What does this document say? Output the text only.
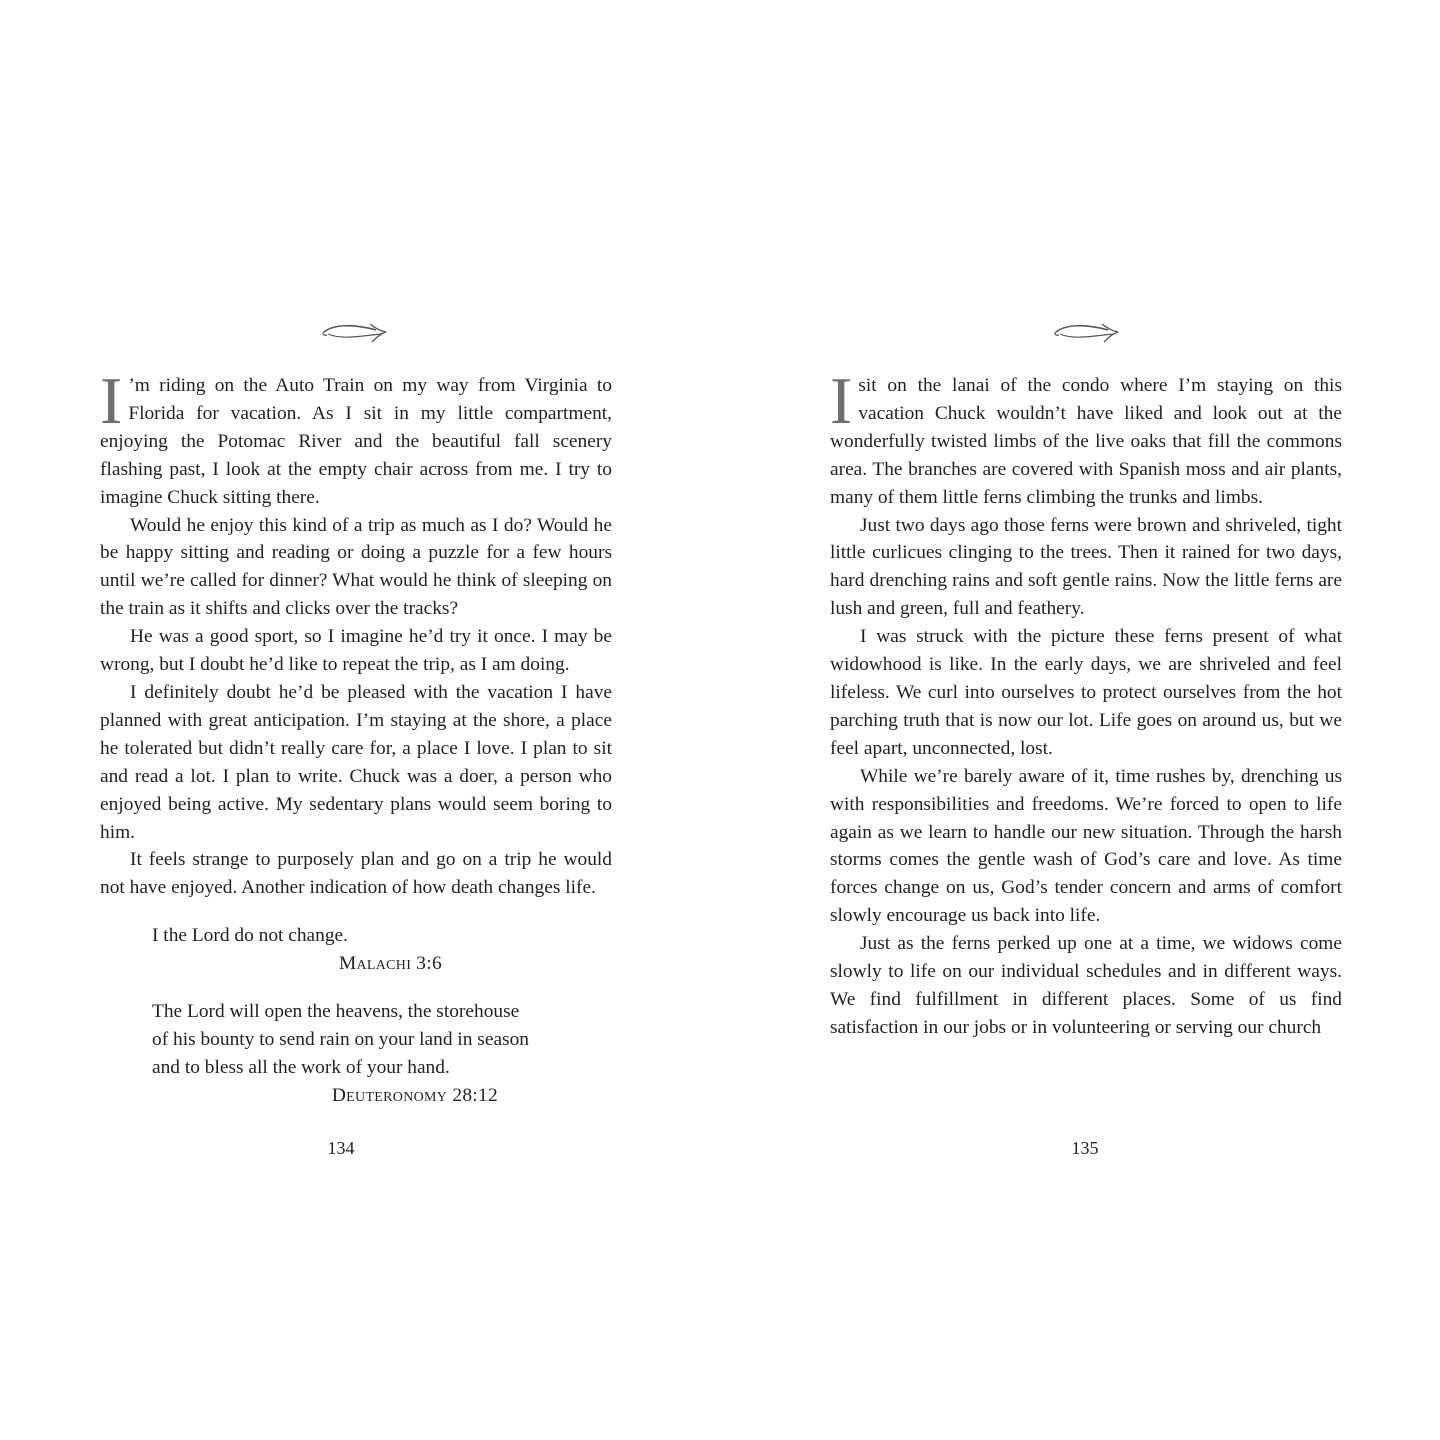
I ’m riding on the Auto Train on my way from Virginia to Florida for vacation. As I sit in my little compartment, enjoying the Potomac River and the beautiful fall scenery flashing past, I look at the empty chair across from me. I try to imagine Chuck sitting there.

Would he enjoy this kind of a trip as much as I do? Would he be happy sitting and reading or doing a puzzle for a few hours until we’re called for dinner? What would he think of sleeping on the train as it shifts and clicks over the tracks?

He was a good sport, so I imagine he’d try it once. I may be wrong, but I doubt he’d like to repeat the trip, as I am doing.

I definitely doubt he’d be pleased with the vacation I have planned with great anticipation. I’m staying at the shore, a place he tolerated but didn’t really care for, a place I love. I plan to sit and read a lot. I plan to write. Chuck was a doer, a person who enjoyed being active. My sedentary plans would seem boring to him.

It feels strange to purposely plan and go on a trip he would not have enjoyed. Another indication of how death changes life.

I the Lord do not change.

Malachi 3:6

The Lord will open the heavens, the storehouse

of his bounty to send rain on your land in season

and to bless all the work of your hand.

Deuteronomy 28:12

134

I sit on the lanai of the condo where I’m staying on this vacation Chuck wouldn’t have liked and look out at the wonderfully twisted limbs of the live oaks that fill the commons area. The branches are covered with Spanish moss and air plants, many of them little ferns climbing the trunks and limbs.

Just two days ago those ferns were brown and shriveled, tight little curlicues clinging to the trees. Then it rained for two days, hard drenching rains and soft gentle rains. Now the little ferns are lush and green, full and feathery.

I was struck with the picture these ferns present of what widowhood is like. In the early days, we are shriveled and feel lifeless. We curl into ourselves to protect ourselves from the hot parching truth that is now our lot. Life goes on around us, but we feel apart, unconnected, lost.

While we’re barely aware of it, time rushes by, drenching us with responsibilities and freedoms. We’re forced to open to life again as we learn to handle our new situation. Through the harsh storms comes the gentle wash of God’s care and love. As time forces change on us, God’s tender concern and arms of comfort slowly encourage us back into life.

Just as the ferns perked up one at a time, we widows come slowly to life on our individual schedules and in different ways. We find fulfillment in different places. Some of us find satisfaction in our jobs or in volunteering or serving our church

135
